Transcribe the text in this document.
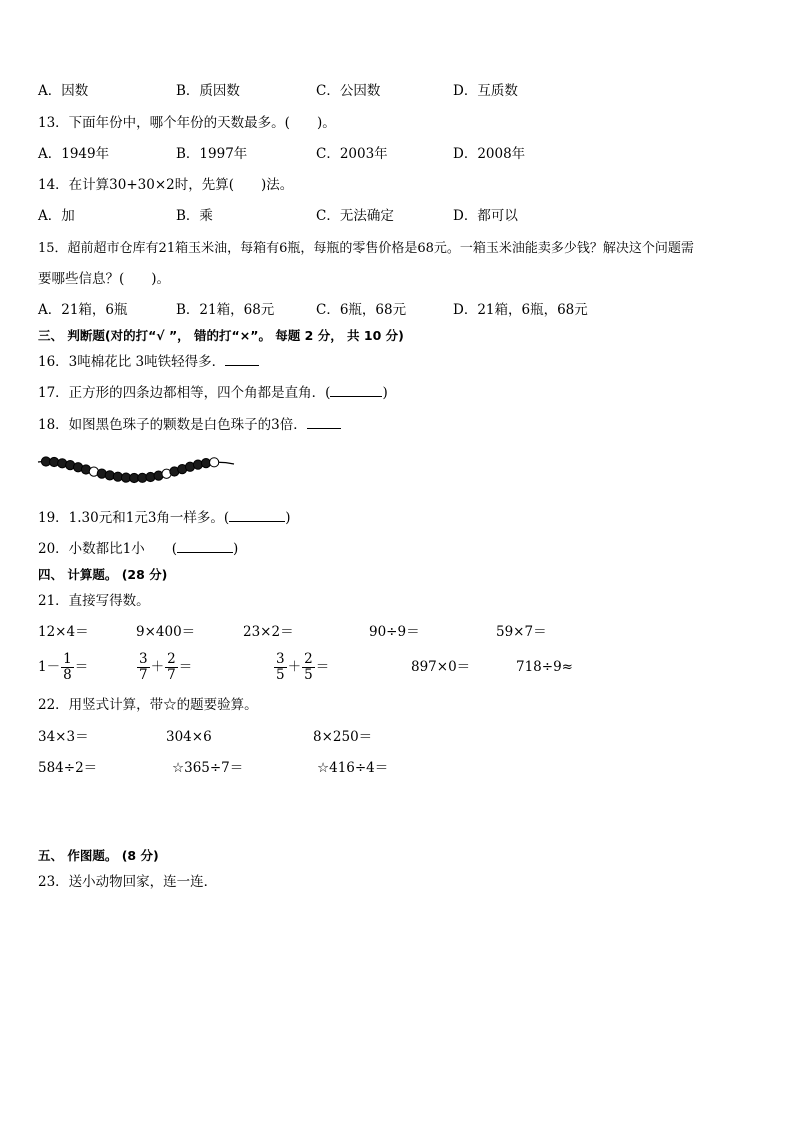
A．因数	B．质因数	C．公因数	D．互质数
13．下面年份中，哪个年份的天数最多。(　　)。
A．1949年	B．1997年	C．2003年	D．2008年
14．在计算30+30×2时，先算(　　)法。
A．加	B．乘	C．无法确定	D．都可以
15．超前超市仓库有21箱玉米油，每箱有6瓶，每瓶的零售价格是68元。一箱玉米油能卖多少钱？解决这个问题需
要哪些信息？(　　)。
A．21箱，6瓶	B．21箱，68元	C．6瓶，68元	D．21箱，6瓶，68元
三、 判断题(对的打“√ ”， 错的打“×”。 每题 2 分， 共 10 分)
16．3吨棉花比 3吨铁轻得多．
17．正方形的四条边都相等，四个角都是直角．(	)
18．如图黑色珠子的颗数是白色珠子的3倍．
19．1.30元和1元3角一样多。(	)
20．小数都比1小　　(	)
四、 计算题。 (28 分)
21．直接写得数。
12×4＝	9×400＝	23×2＝	90÷9＝	59×7＝
$1- \frac{1}{8}$ ＝	$\frac{3}{7} + \frac{2}{7}$ ＝	$\frac{3}{5} + \frac{2}{5}$ ＝	897×0＝	718÷9≈
22．用竖式计算，带☆的题要验算。
34×3＝	304×6	8×250＝
584÷2＝	☆365÷7＝	☆416÷4＝
五、 作图题。 (8 分)
23．送小动物回家，连一连．
